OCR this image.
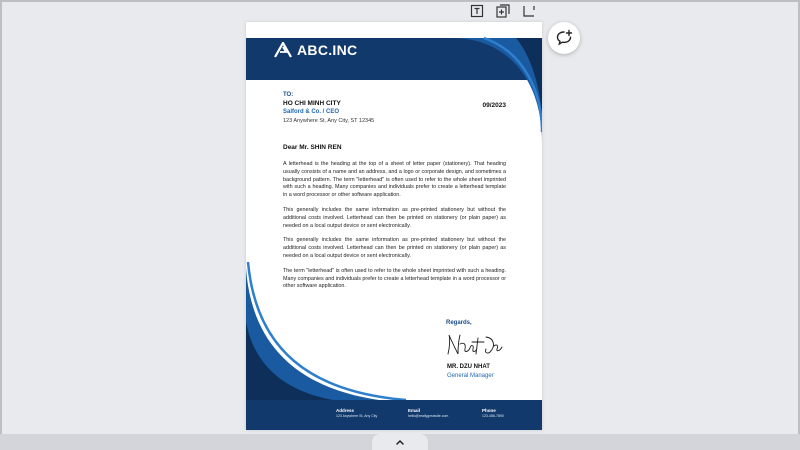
ABC.INC
TO:
HO CHI MINH CITY
Salford & Co. / CEO
123 Anywhere St, Any City, ST 12345
09/2023
Dear Mr. SHIN REN

A letterhead is the heading at the top of a sheet of letter paper (stationery). That heading usually consists of a name and an address, and a logo or corporate design, and sometimes a background pattern. The term "letterhead" is often used to refer to the whole sheet imprinted with such a heading. Many companies and individuals prefer to create a letterhead template in a word processor or other software application.

This generally includes the same information as pre-printed stationery but without the additional costs involved. Letterhead can then be printed on stationery (or plain paper) as needed on a local output device or sent electronically.

This generally includes the same information as pre-printed stationery but without the additional costs involved. Letterhead can then be printed on stationery (or plain paper) as needed on a local output device or sent electronically.

The term "letterhead" is often used to refer to the whole sheet imprinted with such a heading. Many companies and individuals prefer to create a letterhead template in a word processor or other software application.

Regards,
MR. DZU NHAT
General Manager
Address
123 Anywhere St, Any City
Email
hello@reallygreatsite.com
Phone
123-456-7890
